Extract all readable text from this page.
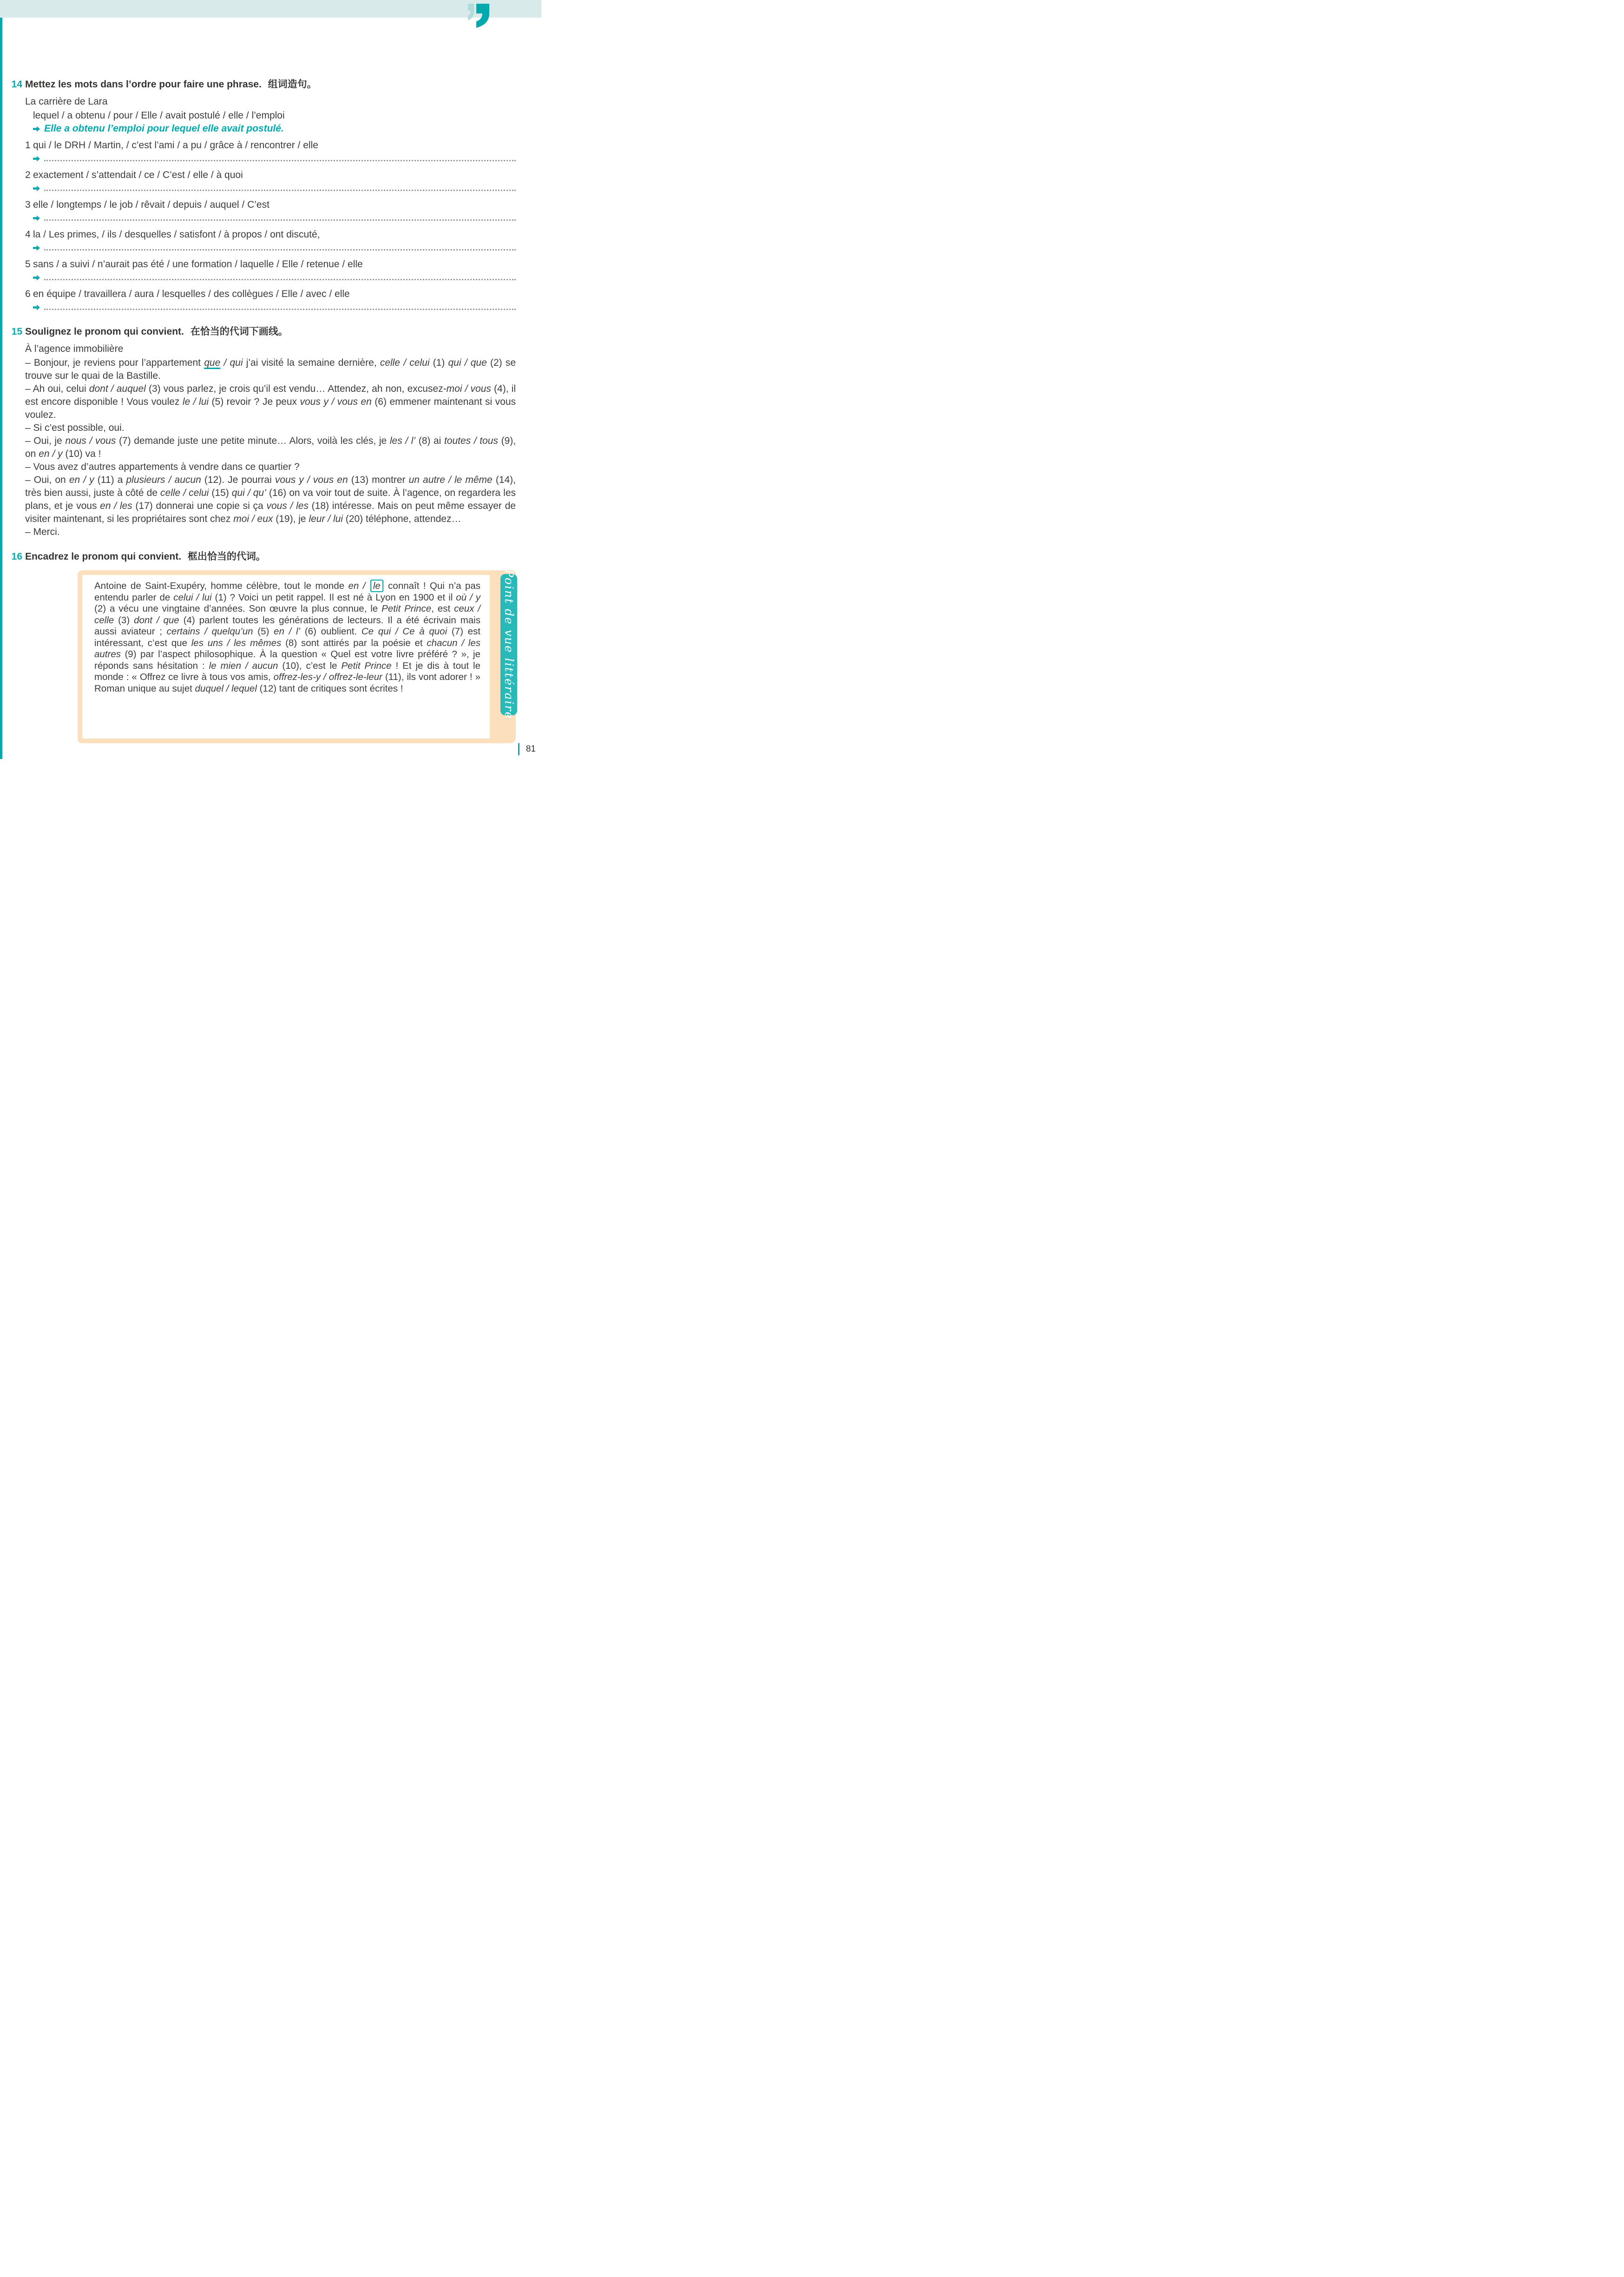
14 Mettez les mots dans l’ordre pour faire une phrase. 组词造句。

La carrière de Lara

lequel / a obtenu / pour / Elle / avait postulé / elle / l’emploi

Elle a obtenu l’emploi pour lequel elle avait postulé.

1 qui / le DRH / Martin, / c’est l’ami / a pu / grâce à / rencontrer / elle
2 exactement / s’attendait / ce / C’est / elle / à quoi
3 elle / longtemps / le job / rêvait / depuis / auquel / C’est
4 la / Les primes, / ils / desquelles / satisfont / à propos / ont discuté,
5 sans / a suivi / n’aurait pas été / une formation / laquelle / Elle / retenue / elle
6 en équipe / travaillera / aura / lesquelles / des collègues / Elle / avec / elle
15 Soulignez le pronom qui convient. 在恰当的代词下画线。

À l’agence immobilière

– Bonjour, je reviens pour l’appartement que / qui j’ai visité la semaine dernière, celle / celui (1) qui / que (2) se trouve sur le quai de la Bastille.

– Ah oui, celui dont / auquel (3) vous parlez, je crois qu’il est vendu… Attendez, ah non, excusez-moi / vous (4), il est encore disponible ! Vous voulez le / lui (5) revoir ? Je peux vous y / vous en (6) emmener maintenant si vous voulez.

– Si c’est possible, oui.

– Oui, je nous / vous (7) demande juste une petite minute… Alors, voilà les clés, je les / l’ (8) ai toutes / tous (9), on en / y (10) va !

– Vous avez d’autres appartements à vendre dans ce quartier ?

– Oui, on en / y (11) a plusieurs / aucun (12). Je pourrai vous y / vous en (13) montrer un autre / le même (14), très bien aussi, juste à côté de celle / celui (15) qui / qu’ (16) on va voir tout de suite. À l’agence, on regardera les plans, et je vous en / les (17) donnerai une copie si ça vous / les (18) intéresse. Mais on peut même essayer de visiter maintenant, si les propriétaires sont chez moi / eux (19), je leur / lui (20) téléphone, attendez…

– Merci.

16 Encadrez le pronom qui convient. 框出恰当的代词。

Antoine de Saint-Exupéry, homme célèbre, tout le monde en / le connaît ! Qui n’a pas entendu parler de celui / lui (1) ? Voici un petit rappel. Il est né à Lyon en 1900 et il où / y (2) a vécu une vingtaine d’années. Son œuvre la plus connue, le Petit Prince, est ceux / celle (3) dont / que (4) parlent toutes les générations de lecteurs. Il a été écrivain mais aussi aviateur ; certains / quelqu’un (5) en / l’ (6) oublient. Ce qui / Ce à quoi (7) est intéressant, c’est que les uns / les mêmes (8) sont attirés par la poésie et chacun / les autres (9) par l’aspect philosophique. À la question « Quel est votre livre préféré ? », je réponds sans hésitation : le mien / aucun (10), c’est le Petit Prince ! Et je dis à tout le monde : « Offrez ce livre à tous vos amis, offrez-les-y / offrez-le-leur (11), ils vont adorer ! » Roman unique au sujet duquel / lequel (12) tant de critiques sont écrites !	Point de vue littéraire
81
